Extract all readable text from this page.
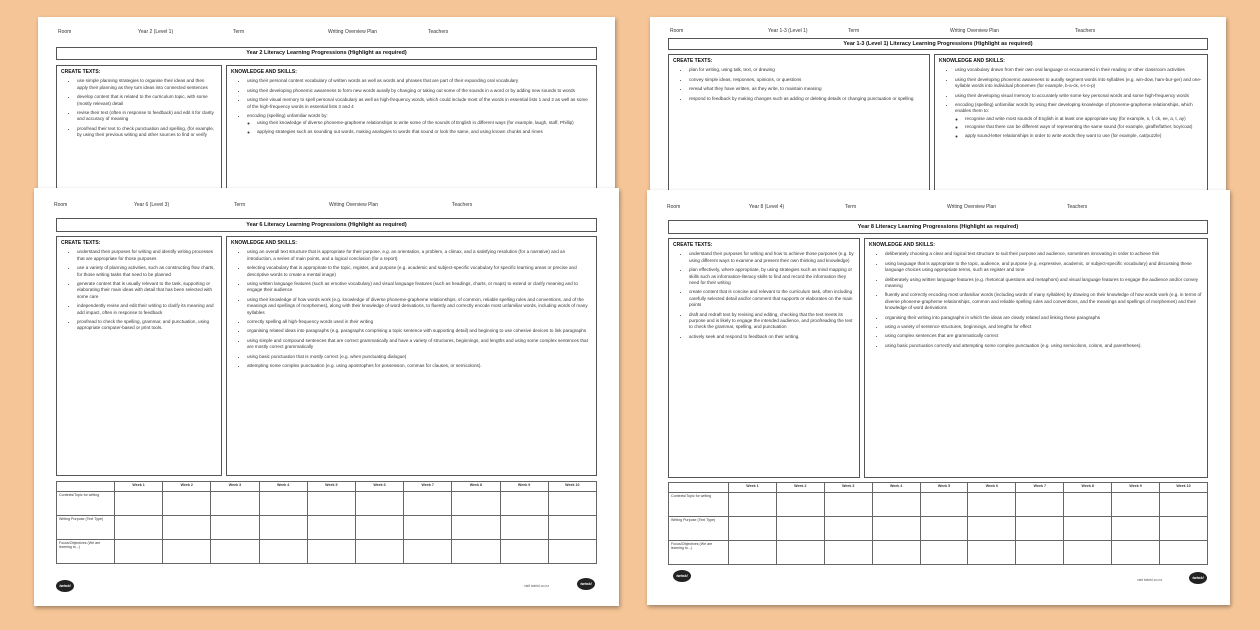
Room	Year 2 (Level 1)	Term	Writing Overview Plan	Teachers
Year 2 Literacy Learning Progressions (Highlight as required)
CREATE TEXTS:
• use simple planning strategies to organise their ideas and then apply their planning as they turn ideas into connected sentences
• develop content that is related to the curriculum topic, with some (mostly relevant) detail
• revise their text (often in response to feedback) and edit it for clarity and accuracy of meaning
• proofread their text to check punctuation and spelling, (for example, by using their previous writing and other sources to find or verify
KNOWLEDGE AND SKILLS:
• using their personal content vocabulary of written words as well as words and phrases that are part of their expanding oral vocabulary
• using their developing phonemic awareness to form new words aurally by changing or taking out some of the sounds in a word or by adding new sounds to words
• using their visual memory to spell personal vocabulary as well as high-frequency words, which could include most of the words in essential lists 1 and 2 as well as some of the high-frequency words in essential lists 3 and 4
• encoding (spelling) unfamiliar words by:
◦ using their knowledge of diverse phoneme-grapheme relationships to write some of the sounds of English in different ways (for example, laugh, staff, Phillip)
◦ applying strategies such as sounding out words, making analogies to words that sound or look the same, and using known chunks and rimes
Room	Year 1-3 (Level 1)	Term	Writing Overview Plan	Teachers
Year 1-3 (Level 1) Literacy Learning Progressions (Highlight as required)
CREATE TEXTS:
• plan for writing, using talk, text, or drawing
• convey simple ideas, responses, opinions, or questions
• reread what they have written, as they write, to maintain meaning
• respond to feedback by making changes such as adding or deleting details or changing punctuation or spelling
KNOWLEDGE AND SKILLS:
• using vocabulary drawn from their own oral language or encountered in their reading or other classroom activities
• using their developing phonemic awareness to aurally segment words into syllables (e.g. win-dow, ham-bur-ger) and one-syllable words into individual phonemes (for example, b-a-ck, s-t-o-p)
• using their developing visual memory to accurately write some key personal words and some high-frequency words
• encoding (spelling) unfamiliar words by using their developing knowledge of phoneme-grapheme relationships, which enables them to:
◦ recognise and write most sounds of English in at least one appropriate way (for example, s, f, ck, ee, a, t, ay)
◦ recognise that there can be different ways of representing the same sound (for example, giraffe/father, boy/coat)
◦ apply sound-letter relationships in order to write words they want to use (for example, cat/puzzle)
Room	Year 6 (Level 3)	Term	Writing Overview Plan	Teachers
Year 6 Literacy Learning Progressions (Highlight as required)
CREATE TEXTS:
• understand their purposes for writing and identify writing processes that are appropriate for those purposes
• use a variety of planning activities, such as constructing flow charts, for those writing tasks that need to be planned
• generate content that is usually relevant to the task, supporting or elaborating their main ideas with detail that has been selected with some care
• independently revise and edit their writing to clarify its meaning and add impact, often in response to feedback
• proofread to check the spelling, grammar, and punctuation, using appropriate computer-based or print tools.
KNOWLEDGE AND SKILLS:
• using an overall text structure that is appropriate for their purpose, e.g. an orientation, a problem, a climax, and a satisfying resolution (for a narrative) and an introduction, a series of main points, and a logical conclusion (for a report)
• selecting vocabulary that is appropriate to the topic, register, and purpose (e.g. academic and subject-specific vocabulary for specific learning areas or precise and descriptive words to create a mental image)
• using written language features (such as emotive vocabulary) and visual language features (such as headings, charts, or maps) to extend or clarify meaning and to engage their audience
• using their knowledge of how words work (e.g. knowledge of diverse phoneme-grapheme relationships, of common, reliable spelling rules and conventions, and of the meanings and spellings of morphemes), along with their knowledge of word derivations, to fluently and correctly encode most unfamiliar words, including words of many syllables
• correctly spelling all high-frequency words used in their writing
• organising related ideas into paragraphs (e.g. paragraphs comprising a topic sentence with supporting detail) and beginning to use cohesive devices to link paragraphs
• using simple and compound sentences that are correct grammatically and have a variety of structures, beginnings, and lengths and using some complex sentences that are mostly correct grammatically
• using basic punctuation that is mostly correct (e.g. when punctuating dialogue)
• attempting some complex punctuation (e.g. using apostrophes for possession, commas for clauses, or semicolons).
	Week 1	Week 2	Week 3	Week 4	Week 5	Week 6	Week 7	Week 8	Week 9	Week 10
Contexts/Topic for writing										
Writing Purpose (Text Type)										
Focus/Objectives (We are learning to...)										
twinkl	visit twinkl.co.nz	twinkl
Room	Year 8 (Level 4)	Term	Writing Overview Plan	Teachers
Year 8 Literacy Learning Progressions (Highlight as required)
CREATE TEXTS:
• understand their purposes for writing and how to achieve those purposes (e.g. by using different ways to examine and present their own thinking and knowledge)
• plan effectively, where appropriate, by using strategies such as mind mapping or skills such as information-literacy skills to find and record the information they need for their writing
• create content that is concise and relevant to the curriculum task, often including carefully selected detail and/or comment that supports or elaborates on the main points
• draft and redraft text by revising and editing, checking that the text meets its purpose and is likely to engage the intended audience, and proofreading the text to check the grammar, spelling, and punctuation
• actively seek and respond to feedback on their writing.
KNOWLEDGE AND SKILLS:
• deliberately choosing a clear and logical text structure to suit their purpose and audience, sometimes innovating in order to achieve this
• using language that is appropriate to the topic, audience, and purpose (e.g. expressive, academic, or subject-specific vocabulary) and discussing these language choices using appropriate terms, such as register and tone
• deliberately using written language features (e.g. rhetorical questions and metaphors) and visual language features to engage the audience and/or convey meaning
• fluently and correctly encoding most unfamiliar words (including words of many syllables) by drawing on their knowledge of how words work (e.g. in terms of diverse phoneme-grapheme relationships, common and reliable spelling rules and conventions, and the meanings and spellings of morphemes) and their knowledge of word derivations
• organising their writing into paragraphs in which the ideas are clearly related and linking these paragraphs
• using a variety of sentence structures, beginnings, and lengths for effect
• using complex sentences that are grammatically correct
• using basic punctuation correctly and attempting some complex punctuation (e.g. using semicolons, colons, and parentheses).
	Week 1	Week 2	Week 3	Week 4	Week 5	Week 6	Week 7	Week 8	Week 9	Week 10
Contexts/Topic for writing										
Writing Purpose (Text Type)										
Focus/Objectives (We are learning to...)										
twinkl
visit twinkl.co.nz	twinkl
